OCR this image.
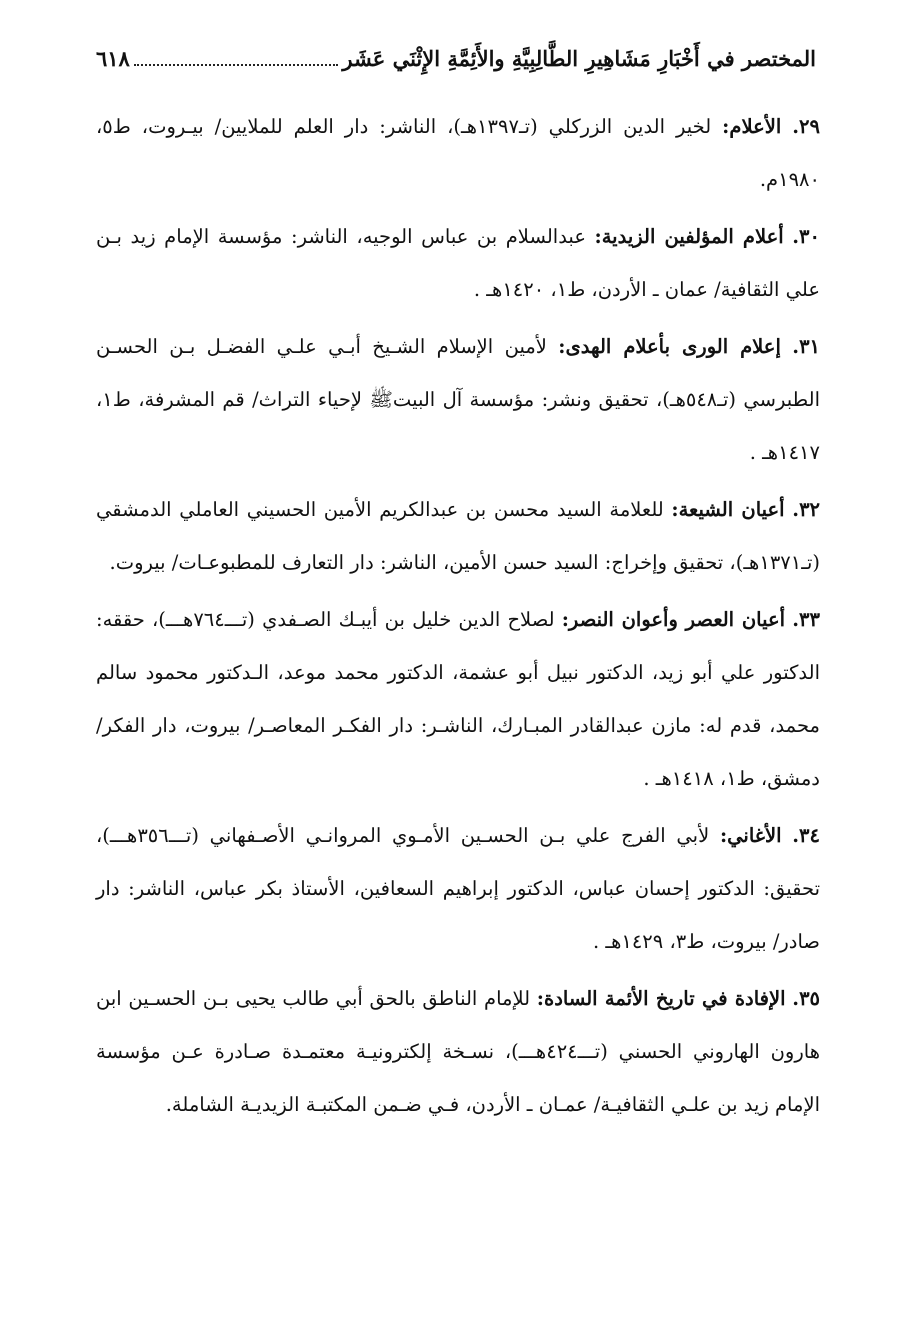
المختصر في أَخْبَارِ مَشَاهِيرِ الطَّالِبِيَّةِ والأَئِمَّةِ الإِثْنَي عَشَر
٦١٨

٢٩. الأعلام: لخير الدين الزركلي (تـ١٣٩٧هـ)، الناشر: دار العلم للملايين/ بيـروت، ط٥، ١٩٨٠م.

٣٠. أعلام المؤلفين الزيدية: عبدالسلام بن عباس الوجيه، الناشر: مؤسسة الإمام زيد بـن علي الثقافية/ عمان ـ الأردن، ط١، ١٤٢٠هـ .

٣١. إعلام الورى بأعلام الهدى: لأمين الإسلام الشـيخ أبـي علـي الفضـل بـن الحسـن الطبرسي (تـ٥٤٨هـ)، تحقيق ونشر: مؤسسة آل البيتﷺ لإحياء التراث/ قم المشرفة، ط١، ١٤١٧هـ .

٣٢. أعيان الشيعة: للعلامة السيد محسن بن عبدالكريم الأمين الحسيني العاملي الدمشقي (تـ١٣٧١هـ)، تحقيق وإخراج: السيد حسن الأمين، الناشر: دار التعارف للمطبوعـات/ بيروت.

٣٣. أعيان العصر وأعوان النصر: لصلاح الدين خليل بن أيبـك الصـفدي (تـــ٧٦٤هـــ)، حققه: الدكتور علي أبو زيد، الدكتور نبيل أبو عشمة، الدكتور محمد موعد، الـدكتور محمود سالم محمد، قدم له: مازن عبدالقادر المبـارك، الناشـر: دار الفكـر المعاصـر/ بيروت، دار الفكر/ دمشق، ط١، ١٤١٨هـ .

٣٤. الأغاني: لأبي الفرج علي بـن الحسـين الأمـوي المروانـي الأصـفهاني (تـــ٣٥٦هـــ)، تحقيق: الدكتور إحسان عباس، الدكتور إبراهيم السعافين، الأستاذ بكر عباس، الناشر: دار صادر/ بيروت، ط٣، ١٤٢٩هـ .

٣٥. الإفادة في تاريخ الأئمة السادة: للإمام الناطق بالحق أبي طالب يحيى بـن الحسـين ابن هارون الهاروني الحسني (تـــ٤٢٤هـــ)، نسـخة إلكترونيـة معتمـدة صـادرة عـن مؤسسة الإمام زيد بن علـي الثقافيـة/ عمـان ـ الأردن، فـي ضـمن المكتبـة الزيديـة الشاملة.
